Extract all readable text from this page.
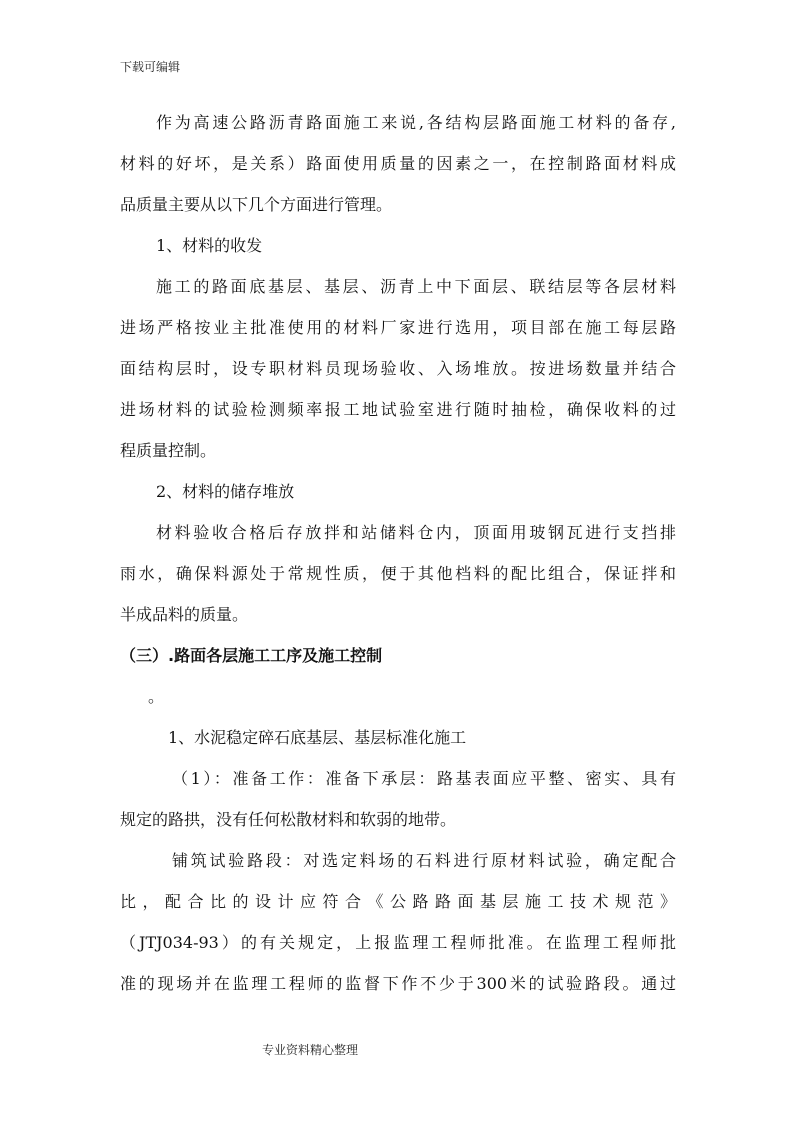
下载可编辑
作为高速公路沥青路面施工来说,各结构层路面施工材料的备存,
材料的好坏，是关系）路面使用质量的因素之一，在控制路面材料成
品质量主要从以下几个方面进行管理。
1、材料的收发
施工的路面底基层、基层、沥青上中下面层、联结层等各层材料
进场严格按业主批准使用的材料厂家进行选用，项目部在施工每层路
面结构层时，设专职材料员现场验收、入场堆放。按进场数量并结合
进场材料的试验检测频率报工地试验室进行随时抽检，确保收料的过
程质量控制。
2、材料的储存堆放
材料验收合格后存放拌和站储料仓内，顶面用玻钢瓦进行支挡排
雨水，确保料源处于常规性质，便于其他档料的配比组合，保证拌和
半成品料的质量。
（三）.路面各层施工工序及施工控制
。
1、水泥稳定碎石底基层、基层标准化施工
（1）：准备工作：准备下承层：路基表面应平整、密实、具有
规定的路拱，没有任何松散材料和软弱的地带。
铺筑试验路段：对选定料场的石料进行原材料试验，确定配合
比，配合比的设计应符合《公路路面基层施工技术规范》
（JTJ034-93）的有关规定，上报监理工程师批准。在监理工程师批
准的现场并在监理工程师的监督下作不少于300米的试验路段。通过
专业资料精心整理
